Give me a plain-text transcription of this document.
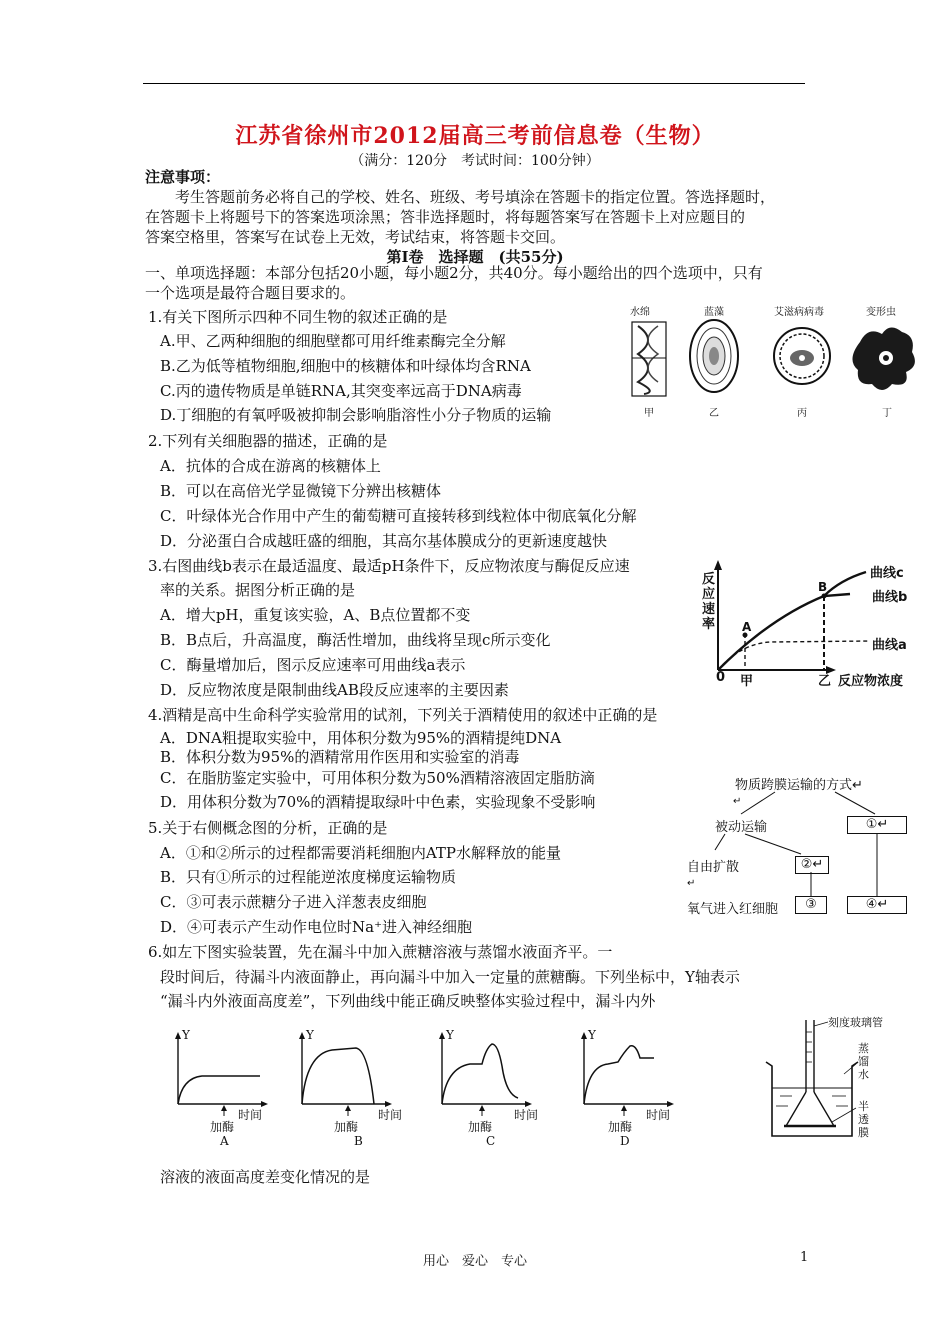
江苏省徐州市2012届高三考前信息卷（生物）
（满分：120分　考试时间：100分钟）
注意事项：
考生答题前务必将自己的学校、姓名、班级、考号填涂在答题卡的指定位置。答选择题时，
在答题卡上将题号下的答案选项涂黑；答非选择题时，将每题答案写在答题卡上对应题目的
答案空格里，答案写在试卷上无效，考试结束，将答题卡交回。
第Ⅰ卷　选择题　(共55分)
一、单项选择题：本部分包括20小题，每小题2分，共40分。每小题给出的四个选项中，只有
一个选项是最符合题目要求的。
1.有关下图所示四种不同生物的叙述正确的是
A.甲、乙两种细胞的细胞壁都可用纤维素酶完全分解
B.乙为低等植物细胞,细胞中的核糖体和叶绿体均含RNA
C.丙的遗传物质是单链RNA,其突变率远高于DNA病毒
D.丁细胞的有氧呼吸被抑制会影响脂溶性小分子物质的运输
水绵	蓝藻	艾滋病病毒	变形虫
甲	乙	丙	丁
2.下列有关细胞器的描述，正确的是
A．抗体的合成在游离的核糖体上
B．可以在高倍光学显微镜下分辨出核糖体
C．叶绿体光合作用中产生的葡萄糖可直接转移到线粒体中彻底氧化分解
D．分泌蛋白合成越旺盛的细胞，其高尔基体膜成分的更新速度越快
3.右图曲线b表示在最适温度、最适pH条件下，反应物浓度与酶促反应速
率的关系。据图分析正确的是
A．增大pH，重复该实验，A、B点位置都不变
B．B点后，升高温度，酶活性增加，曲线将呈现c所示变化
C．酶量增加后，图示反应速率可用曲线a表示
D．反应物浓度是限制曲线AB段反应速率的主要因素
反
应
速
率
0 甲	乙 反应物浓度
A
B
曲线c
曲线b
曲线a
4.酒精是高中生命科学实验常用的试剂，下列关于酒精使用的叙述中正确的是
A．DNA粗提取实验中，用体积分数为95%的酒精提纯DNA
B．体积分数为95%的酒精常用作医用和实验室的消毒
C．在脂肪鉴定实验中，可用体积分数为50%酒精溶液固定脂肪滴
D．用体积分数为70%的酒精提取绿叶中色素，实验现象不受影响
5.关于右侧概念图的分析，正确的是
A．①和②所示的过程都需要消耗细胞内ATP水解释放的能量
B．只有①所示的过程能逆浓度梯度运输物质
C．③可表示蔗糖分子进入洋葱表皮细胞
D．④可表示产生动作电位时Na⁺进入神经细胞
物质跨膜运输的方式↵
↵
被动运输	①↵
自由扩散	②↵
↵
氧气进入红细胞	③	④↵
6.如左下图实验装置，先在漏斗中加入蔗糖溶液与蒸馏水液面齐平。一
段时间后，待漏斗内液面静止，再向漏斗中加入一定量的蔗糖酶。下列坐标中，Y轴表示
“漏斗内外液面高度差”，下列曲线中能正确反映整体实验过程中，漏斗内外
Y
时间
加酶
A
Y
时间
加酶
B
Y
时间
加酶
C
Y
时间
加酶
D
刻度玻璃管
蒸
馏
水
半
透
膜
溶液的液面高度差变化情况的是
用心　爱心　专心	1
